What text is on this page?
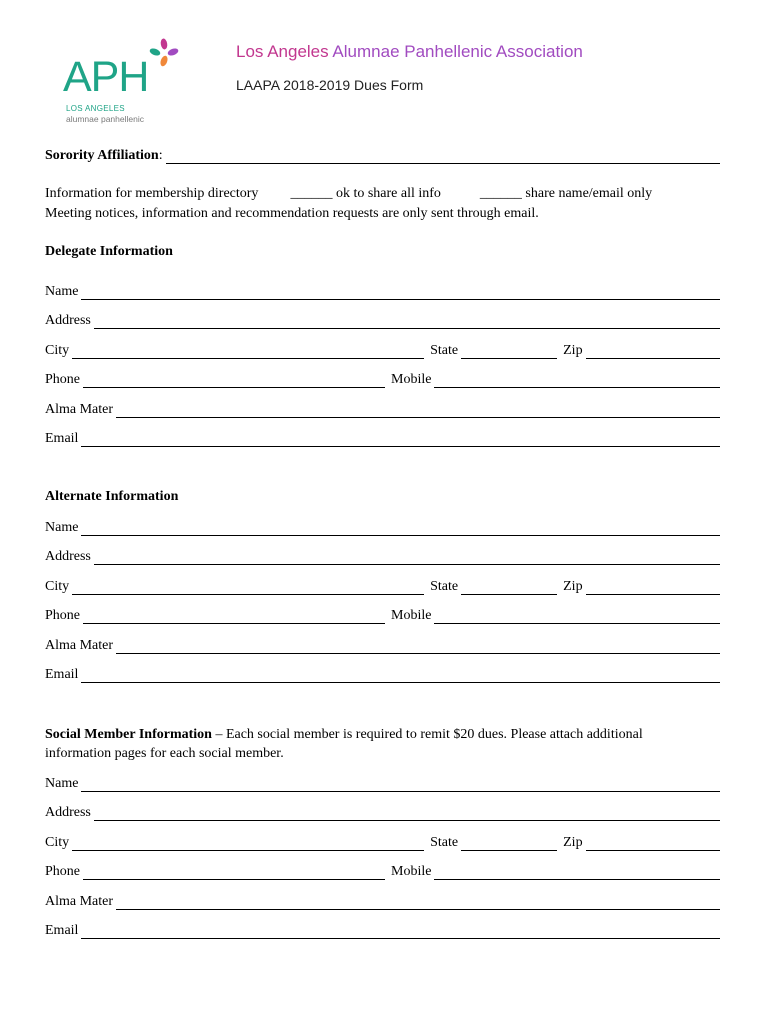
APH
LOS ANGELES
alumnae panhellenic
Los Angeles Alumnae Panhellenic Association
LAAPA 2018-2019 Dues Form
Sorority Affiliation :
Information for membership directory ______ ok to share all info	______ share name/email only
Meeting notices, information and recommendation requests are only sent through email.
Delegate Information
Name
Address
City	State	Zip
Phone	Mobile
Alma Mater
Email
Alternate Information
Name
Address
City	State	Zip
Phone	Mobile
Alma Mater
Email
Social Member Information – Each social member is required to remit $20 dues. Please attach additional
information pages for each social member.
Name
Address
City	State	Zip
Phone	Mobile
Alma Mater
Email
